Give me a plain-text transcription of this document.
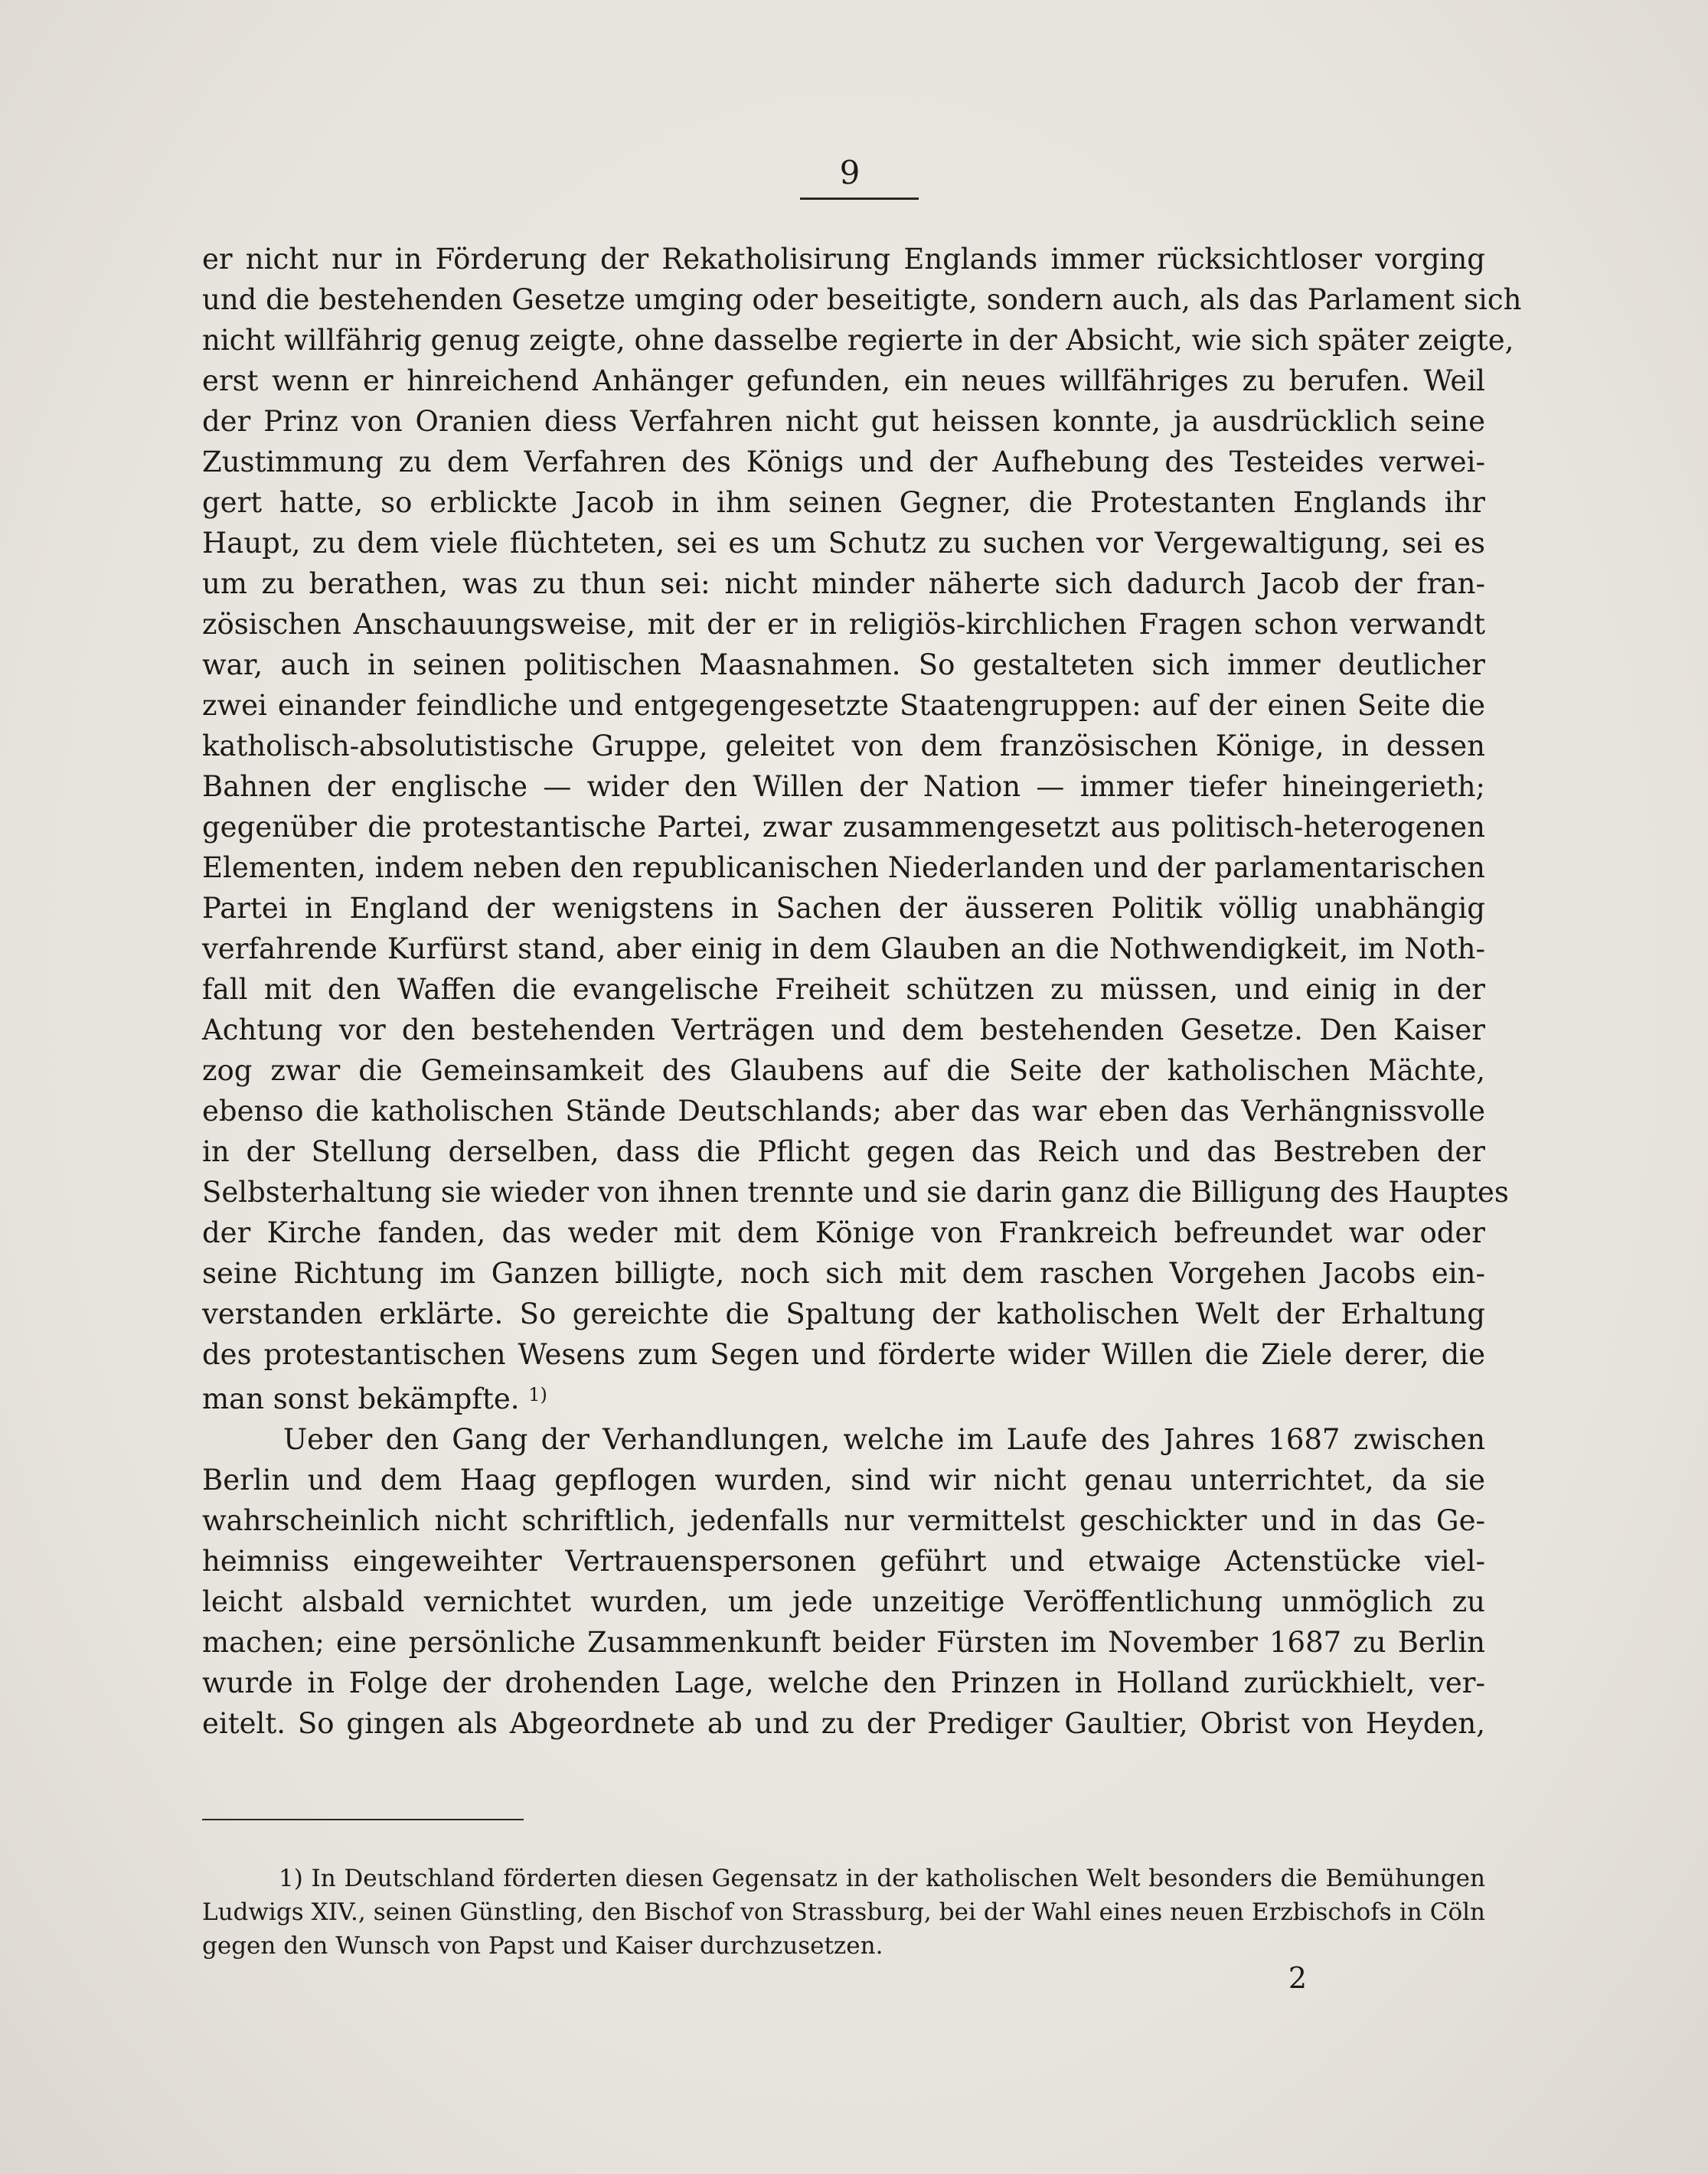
9
er nicht nur in Förderung der Rekatholisirung Englands immer rücksichtloser vorging
und die bestehenden Gesetze umging oder beseitigte, sondern auch, als das Parlament sich
nicht willfährig genug zeigte, ohne dasselbe regierte in der Absicht, wie sich später zeigte,
erst wenn er hinreichend Anhänger gefunden, ein neues willfähriges zu berufen. Weil
der Prinz von Oranien diess Verfahren nicht gut heissen konnte, ja ausdrücklich seine
Zustimmung zu dem Verfahren des Königs und der Aufhebung des Testeides verwei-
gert hatte, so erblickte Jacob in ihm seinen Gegner, die Protestanten Englands ihr
Haupt, zu dem viele flüchteten, sei es um Schutz zu suchen vor Vergewaltigung, sei es
um zu berathen, was zu thun sei: nicht minder näherte sich dadurch Jacob der fran-
zösischen Anschauungsweise, mit der er in religiös-kirchlichen Fragen schon verwandt
war, auch in seinen politischen Maasnahmen. So gestalteten sich immer deutlicher
zwei einander feindliche und entgegengesetzte Staatengruppen: auf der einen Seite die
katholisch-absolutistische Gruppe, geleitet von dem französischen Könige, in dessen
Bahnen der englische — wider den Willen der Nation — immer tiefer hineingerieth;
gegenüber die protestantische Partei, zwar zusammengesetzt aus politisch-heterogenen
Elementen, indem neben den republicanischen Niederlanden und der parlamentarischen
Partei in England der wenigstens in Sachen der äusseren Politik völlig unabhängig
verfahrende Kurfürst stand, aber einig in dem Glauben an die Nothwendigkeit, im Noth-
fall mit den Waffen die evangelische Freiheit schützen zu müssen, und einig in der
Achtung vor den bestehenden Verträgen und dem bestehenden Gesetze. Den Kaiser
zog zwar die Gemeinsamkeit des Glaubens auf die Seite der katholischen Mächte,
ebenso die katholischen Stände Deutschlands; aber das war eben das Verhängnissvolle
in der Stellung derselben, dass die Pflicht gegen das Reich und das Bestreben der
Selbsterhaltung sie wieder von ihnen trennte und sie darin ganz die Billigung des Hauptes
der Kirche fanden, das weder mit dem Könige von Frankreich befreundet war oder
seine Richtung im Ganzen billigte, noch sich mit dem raschen Vorgehen Jacobs ein-
verstanden erklärte. So gereichte die Spaltung der katholischen Welt der Erhaltung
des protestantischen Wesens zum Segen und förderte wider Willen die Ziele derer, die
man sonst bekämpfte. $^{1)}$
Ueber den Gang der Verhandlungen, welche im Laufe des Jahres 1687 zwischen
Berlin und dem Haag gepflogen wurden, sind wir nicht genau unterrichtet, da sie
wahrscheinlich nicht schriftlich, jedenfalls nur vermittelst geschickter und in das Ge-
heimniss eingeweihter Vertrauenspersonen geführt und etwaige Actenstücke viel-
leicht alsbald vernichtet wurden, um jede unzeitige Veröffentlichung unmöglich zu
machen; eine persönliche Zusammenkunft beider Fürsten im November 1687 zu Berlin
wurde in Folge der drohenden Lage, welche den Prinzen in Holland zurückhielt, ver-
eitelt. So gingen als Abgeordnete ab und zu der Prediger Gaultier, Obrist von Heyden,
1) In Deutschland förderten diesen Gegensatz in der katholischen Welt besonders die Bemühungen
Ludwigs XIV., seinen Günstling, den Bischof von Strassburg, bei der Wahl eines neuen Erzbischofs in Cöln
gegen den Wunsch von Papst und Kaiser durchzusetzen.
2
